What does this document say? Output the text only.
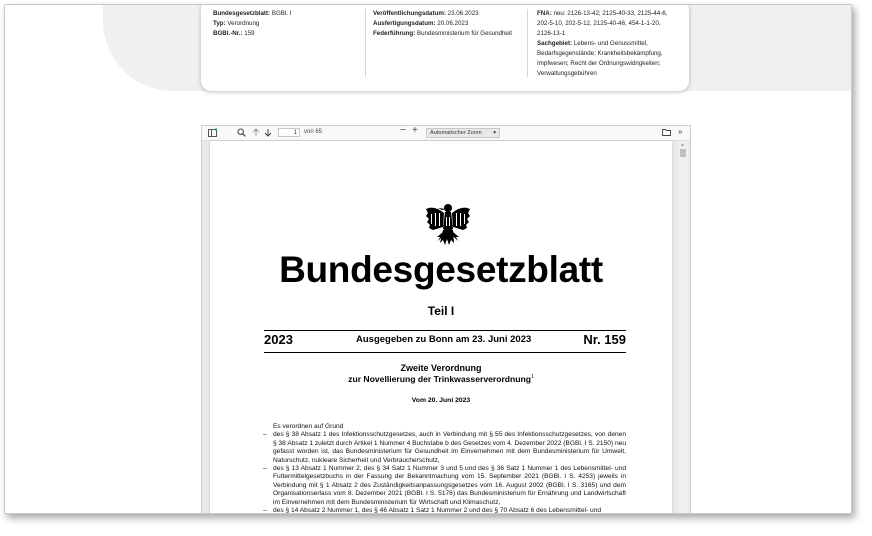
Bundesgesetzblatt: BGBl. I
Typ: Verordnung
BGBl.-Nr.: 159
Veröffentlichungsdatum: 23.06.2023
Ausfertigungsdatum: 20.06.2023
Federführung: Bundesministerium für Gesundheit
FNA: neu: 2126-13-42; 2125-40-33, 2125-44-6, 202-5-10, 202-5-12, 2125-40-46, 454-1-1-20, 2126-13-1
Sachgebiet: Lebens- und Genussmittel, Bedarfsgegenstände; Krankheitsbekämpfung, Impfwesen; Recht der Ordnungswidrigkeiten; Verwaltungsgebühren
1	von 65	− +	Automatischer Zoom ▾	»
Bundesgesetzblatt
Teil I
2023	Ausgegeben zu Bonn am 23. Juni 2023	Nr. 159
Zweite Verordnung
zur Novellierung der Trinkwasserverordnung$^1$
Vom 20. Juni 2023

Es verordnen auf Grund

– des § 38 Absatz 1 des Infektionsschutzgesetzes, auch in Verbindung mit § 55 des Infektionsschutzgesetzes, von denen § 38 Absatz 1 zuletzt durch Artikel 1 Nummer 4 Buchstabe b des Gesetzes vom 4. Dezember 2022 (BGBl. I S. 2150) neu gefasst worden ist, das Bundesministerium für Gesundheit im Einvernehmen mit dem Bundesministerium für Umwelt, Naturschutz, nukleare Sicherheit und Verbraucherschutz,

– des § 13 Absatz 1 Nummer 2, des § 34 Satz 1 Nummer 3 und 5 und des § 36 Satz 1 Nummer 1 des Lebensmittel- und Futtermittelgesetzbuchs in der Fassung der Bekanntmachung vom 15. September 2021 (BGBl. I S. 4253) jeweils in Verbindung mit § 1 Absatz 2 des Zuständigkeitsanpassungsgesetzes vom 16. August 2002 (BGBl. I S. 3165) und dem Organisationserlass vom 8. Dezember 2021 (BGBl. I S. 5176) das Bundesministerium für Ernährung und Landwirtschaft im Einvernehmen mit dem Bundesministerium für Wirtschaft und Klimaschutz,

– des § 14 Absatz 2 Nummer 1, des § 46 Absatz 1 Satz 1 Nummer 2 und des § 70 Absatz 6 des Lebensmittel- und

▲
